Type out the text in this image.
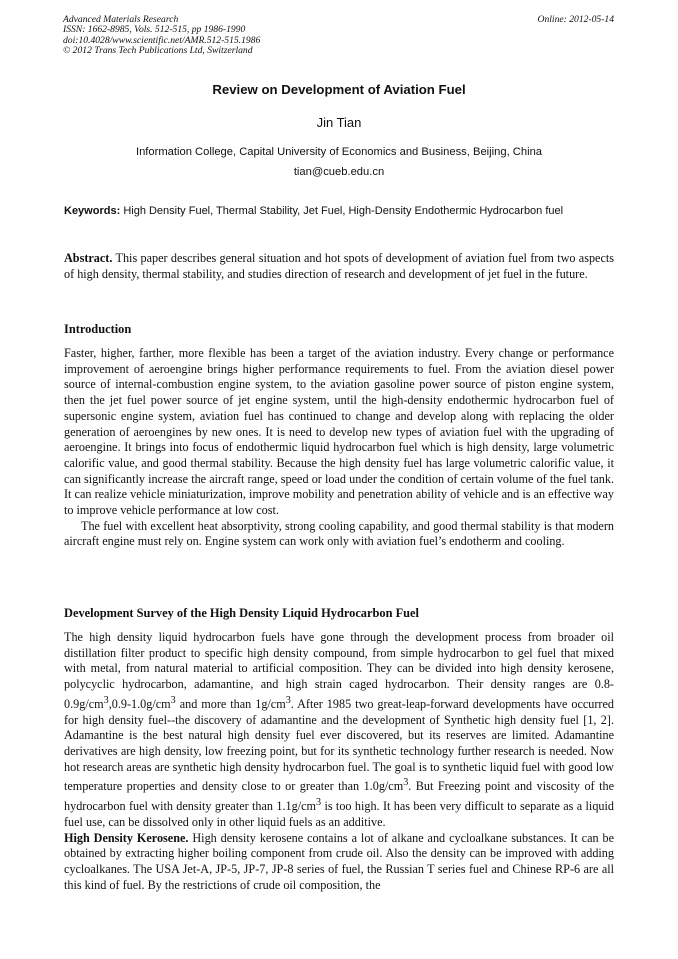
Advanced Materials Research
ISSN: 1662-8985, Vols. 512-515, pp 1986-1990
doi:10.4028/www.scientific.net/AMR.512-515.1986
© 2012 Trans Tech Publications Ltd, Switzerland
Online: 2012-05-14
Review on Development of Aviation Fuel
Jin Tian
Information College, Capital University of Economics and Business, Beijing, China
tian@cueb.edu.cn
Keywords: High Density Fuel, Thermal Stability, Jet Fuel, High-Density Endothermic Hydrocarbon fuel

Abstract. This paper describes general situation and hot spots of development of aviation fuel from two aspects of high density, thermal stability, and studies direction of research and development of jet fuel in the future.

Introduction

Faster, higher, farther, more flexible has been a target of the aviation industry. Every change or performance improvement of aeroengine brings higher performance requirements to fuel. From the aviation diesel power source of internal-combustion engine system, to the aviation gasoline power source of piston engine system, then the jet fuel power source of jet engine system, until the high-density endothermic hydrocarbon fuel of supersonic engine system, aviation fuel has continued to change and develop along with replacing the older generation of aeroengines by new ones. It is need to develop new types of aviation fuel with the upgrading of aeroengine. It brings into focus of endothermic liquid hydrocarbon fuel which is high density, large volumetric calorific value, and good thermal stability. Because the high density fuel has large volumetric calorific value, it can significantly increase the aircraft range, speed or load under the condition of certain volume of the fuel tank. It can realize vehicle miniaturization, improve mobility and penetration ability of vehicle and is an effective way to improve vehicle performance at low cost.

The fuel with excellent heat absorptivity, strong cooling capability, and good thermal stability is that modern aircraft engine must rely on. Engine system can work only with aviation fuel’s endotherm and cooling.

Development Survey of the High Density Liquid Hydrocarbon Fuel

The high density liquid hydrocarbon fuels have gone through the development process from broader oil distillation filter product to specific high density compound, from simple hydrocarbon to gel fuel that mixed with metal, from natural material to artificial composition. They can be divided into high density kerosene, polycyclic hydrocarbon, adamantine, and high strain caged hydrocarbon. Their density ranges are $0.8-0.9g/cm^3,0.9-1.0g/cm^3$ and more than $1g/cm^3$. After 1985 two great-leap-forward developments have occurred for high density fuel--the discovery of adamantine and the development of Synthetic high density fuel [1, 2]. Adamantine is the best natural high density fuel ever discovered, but its reserves are limited. Adamantine derivatives are high density, low freezing point, but for its synthetic technology further research is needed. Now hot research areas are synthetic high density hydrocarbon fuel. The goal is to synthetic liquid fuel with good low temperature properties and density close to or greater than $1.0g/cm^3$. But Freezing point and viscosity of the hydrocarbon fuel with density greater than $1.1g/cm^3$ is too high. It has been very difficult to separate as a liquid fuel use, can be dissolved only in other liquid fuels as an additive.

High Density Kerosene. High density kerosene contains a lot of alkane and cycloalkane substances. It can be obtained by extracting higher boiling component from crude oil. Also the density can be improved with adding cycloalkanes. The USA Jet-A, JP-5, JP-7, JP-8 series of fuel, the Russian T series fuel and Chinese RP-6 are all this kind of fuel. By the restrictions of crude oil composition, the
